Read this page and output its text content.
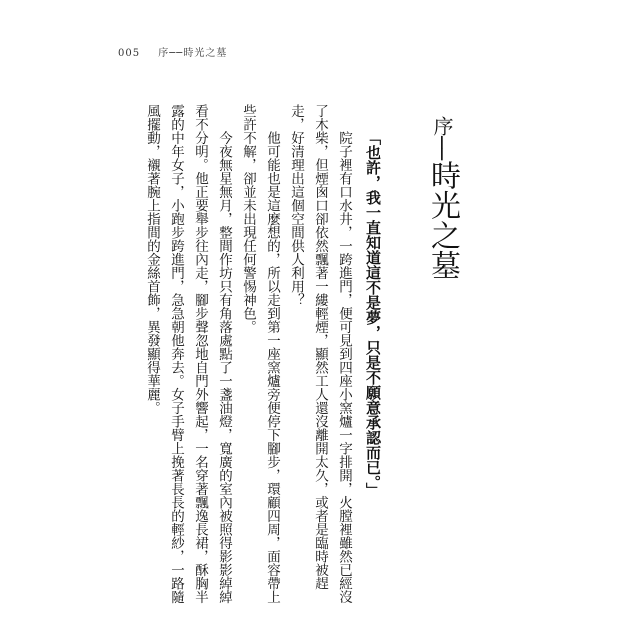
005 序──時光之墓
序──時光之墓
「也許，我一直知道這不是夢，只是不願意承認而已。」

院子裡有口水井，一跨進門，便可見到四座小窯爐一字排開，火膛裡雖然已經沒了木柴，但煙囪口卻依然飄著一縷輕煙，顯然工人還沒離開太久，或者是臨時被趕走，好清理出這個空間供人利用？

他可能也是這麼想的，所以走到第一座窯爐旁便停下腳步，環顧四周，面容帶上些許不解，卻並未出現任何警惕神色。

今夜無星無月，整間作坊只有角落處點了一盞油燈，寬廣的室內被照得影影綽綽看不分明。他正要舉步往內走，腳步聲忽地自門外響起，一名穿著飄逸長裙，酥胸半露的中年女子，小跑步跨進門，急急朝他奔去。女子手臂上挽著長長的輕紗，一路隨風擺動，襯著腕上指間的金絲首飾，異發顯得華麗。
